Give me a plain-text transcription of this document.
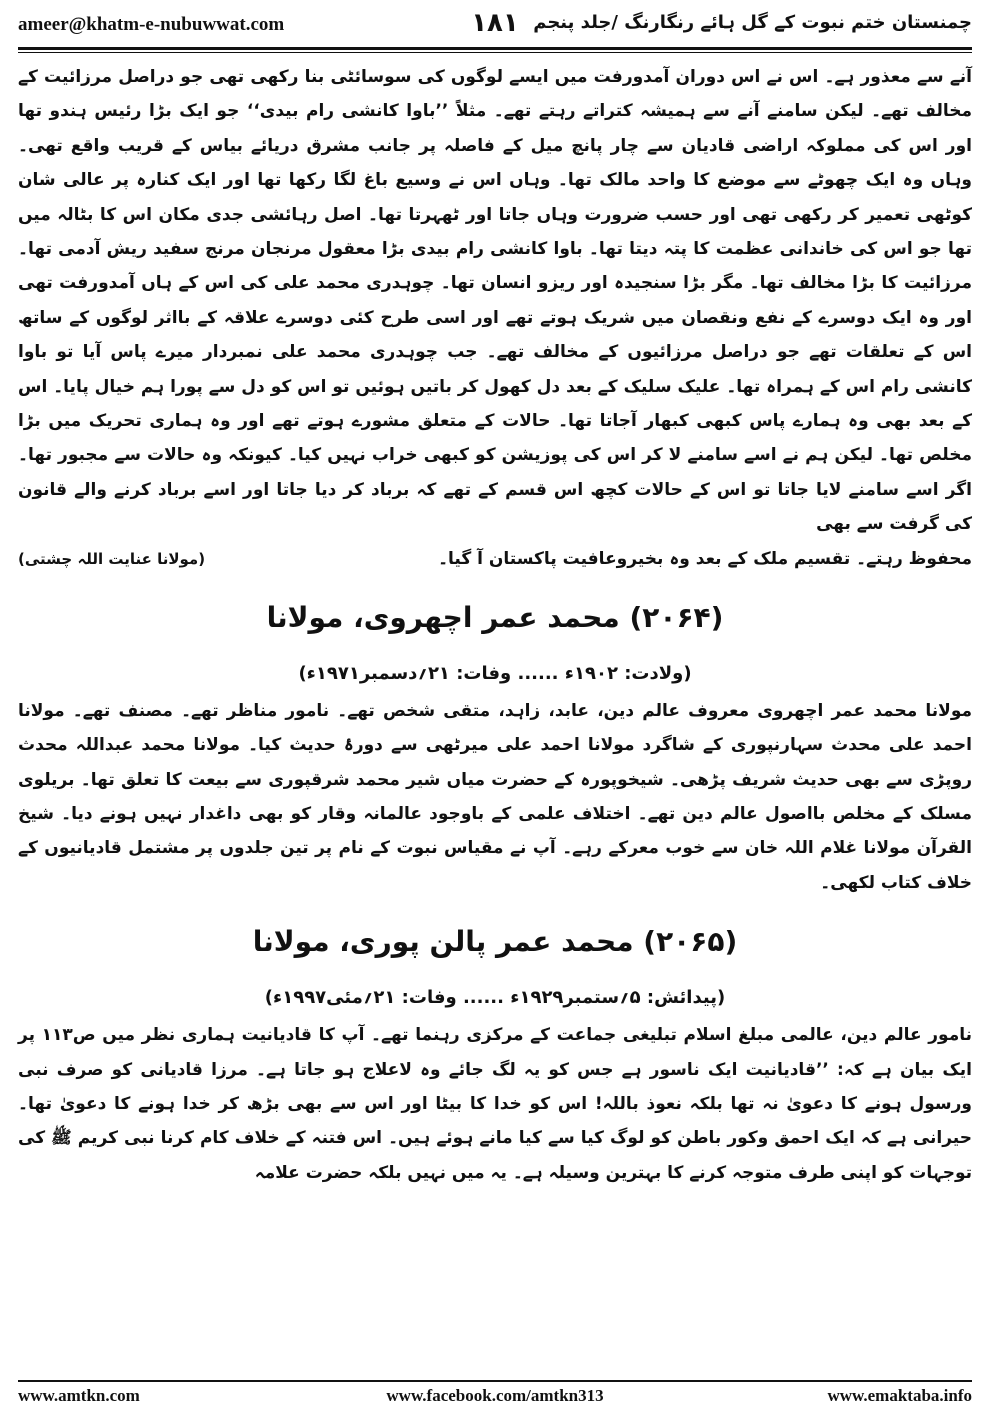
ameer@khatm-e-nubuwwat.com	۱۸۱ چمنستان ختم نبوت کے گل ہائے رنگارنگ /جلد پنجم

آنے سے معذور ہے۔ اس نے اس دوران آمدورفت میں ایسے لوگوں کی سوسائٹی بنا رکھی تھی جو دراصل مرزائیت کے مخالف تھے۔ لیکن سامنے آنے سے ہمیشہ کتراتے رہتے تھے۔ مثلاً ’’باوا کانشی رام بیدی‘‘ جو ایک بڑا رئیس ہندو تھا اور اس کی مملوکہ اراضی قادیان سے چار پانچ میل کے فاصلہ پر جانب مشرق دریائے بیاس کے قریب واقع تھی۔ وہاں وہ ایک چھوٹے سے موضع کا واحد مالک تھا۔ وہاں اس نے وسیع باغ لگا رکھا تھا اور ایک کنارہ پر عالی شان کوٹھی تعمیر کر رکھی تھی اور حسب ضرورت وہاں جاتا اور ٹھہرتا تھا۔ اصل رہائشی جدی مکان اس کا بٹالہ میں تھا جو اس کی خاندانی عظمت کا پتہ دیتا تھا۔ باوا کانشی رام بیدی بڑا معقول مرنجان مرنج سفید ریش آدمی تھا۔ مرزائیت کا بڑا مخالف تھا۔ مگر بڑا سنجیدہ اور ریزو انسان تھا۔ چوہدری محمد علی کی اس کے ہاں آمدورفت تھی اور وہ ایک دوسرے کے نفع ونقصان میں شریک ہوتے تھے اور اسی طرح کئی دوسرے علاقہ کے بااثر لوگوں کے ساتھ اس کے تعلقات تھے جو دراصل مرزائیوں کے مخالف تھے۔ جب چوہدری محمد علی نمبردار میرے پاس آیا تو باوا کانشی رام اس کے ہمراہ تھا۔ علیک سلیک کے بعد دل کھول کر باتیں ہوئیں تو اس کو دل سے پورا ہم خیال پایا۔ اس کے بعد بھی وہ ہمارے پاس کبھی کبھار آجاتا تھا۔ حالات کے متعلق مشورے ہوتے تھے اور وہ ہماری تحریک میں بڑا مخلص تھا۔ لیکن ہم نے اسے سامنے لا کر اس کی پوزیشن کو کبھی خراب نہیں کیا۔ کیونکہ وہ حالات سے مجبور تھا۔ اگر اسے سامنے لایا جاتا تو اس کے حالات کچھ اس قسم کے تھے کہ برباد کر دیا جاتا اور اسے برباد کرنے والے قانون کی گرفت سے بھی

محفوظ رہتے۔ تقسیم ملک کے بعد وہ بخیروعافیت پاکستان آ گیا۔
(مولانا عنایت اللہ چشتی)
(۲۰۶۴) محمد عمر اچھروی، مولانا
(ولادت: ۱۹۰۲ء ...... وفات: ۲۱؍دسمبر۱۹۷۱ء)

مولانا محمد عمر اچھروی معروف عالم دین، عابد، زاہد، متقی شخص تھے۔ نامور مناظر تھے۔ مصنف تھے۔ مولانا احمد علی محدث سہارنپوری کے شاگرد مولانا احمد علی میرٹھی سے دورۂ حدیث کیا۔ مولانا محمد عبداللہ محدث روپڑی سے بھی حدیث شریف پڑھی۔ شیخوپورہ کے حضرت میاں شیر محمد شرقپوری سے بیعت کا تعلق تھا۔ بریلوی مسلک کے مخلص بااصول عالم دین تھے۔ اختلاف علمی کے باوجود عالمانہ وقار کو بھی داغدار نہیں ہونے دیا۔ شیخ القرآن مولانا غلام اللہ خان سے خوب معرکے رہے۔ آپ نے مقیاس نبوت کے نام پر تین جلدوں پر مشتمل قادیانیوں کے خلاف کتاب لکھی۔

(۲۰۶۵) محمد عمر پالن پوری، مولانا
(پیدائش: ۵؍ستمبر۱۹۲۹ء ...... وفات: ۲۱؍مئی۱۹۹۷ء)

نامور عالم دین، عالمی مبلغ اسلام تبلیغی جماعت کے مرکزی رہنما تھے۔ آپ کا قادیانیت ہماری نظر میں ص۱۱۳ پر ایک بیان ہے کہ: ’’قادیانیت ایک ناسور ہے جس کو یہ لگ جائے وہ لاعلاج ہو جاتا ہے۔ مرزا قادیانی کو صرف نبی ورسول ہونے کا دعویٰ نہ تھا بلکہ نعوذ باللہ! اس کو خدا کا بیٹا اور اس سے بھی بڑھ کر خدا ہونے کا دعویٰ تھا۔ حیرانی ہے کہ ایک احمق وکور باطن کو لوگ کیا سے کیا مانے ہوئے ہیں۔ اس فتنہ کے خلاف کام کرنا نبی کریم ﷺ کی توجہات کو اپنی طرف متوجہ کرنے کا بہترین وسیلہ ہے۔ یہ میں نہیں بلکہ حضرت علامہ

www.amtkn.com	www.facebook.com/amtkn313	www.emaktaba.info
